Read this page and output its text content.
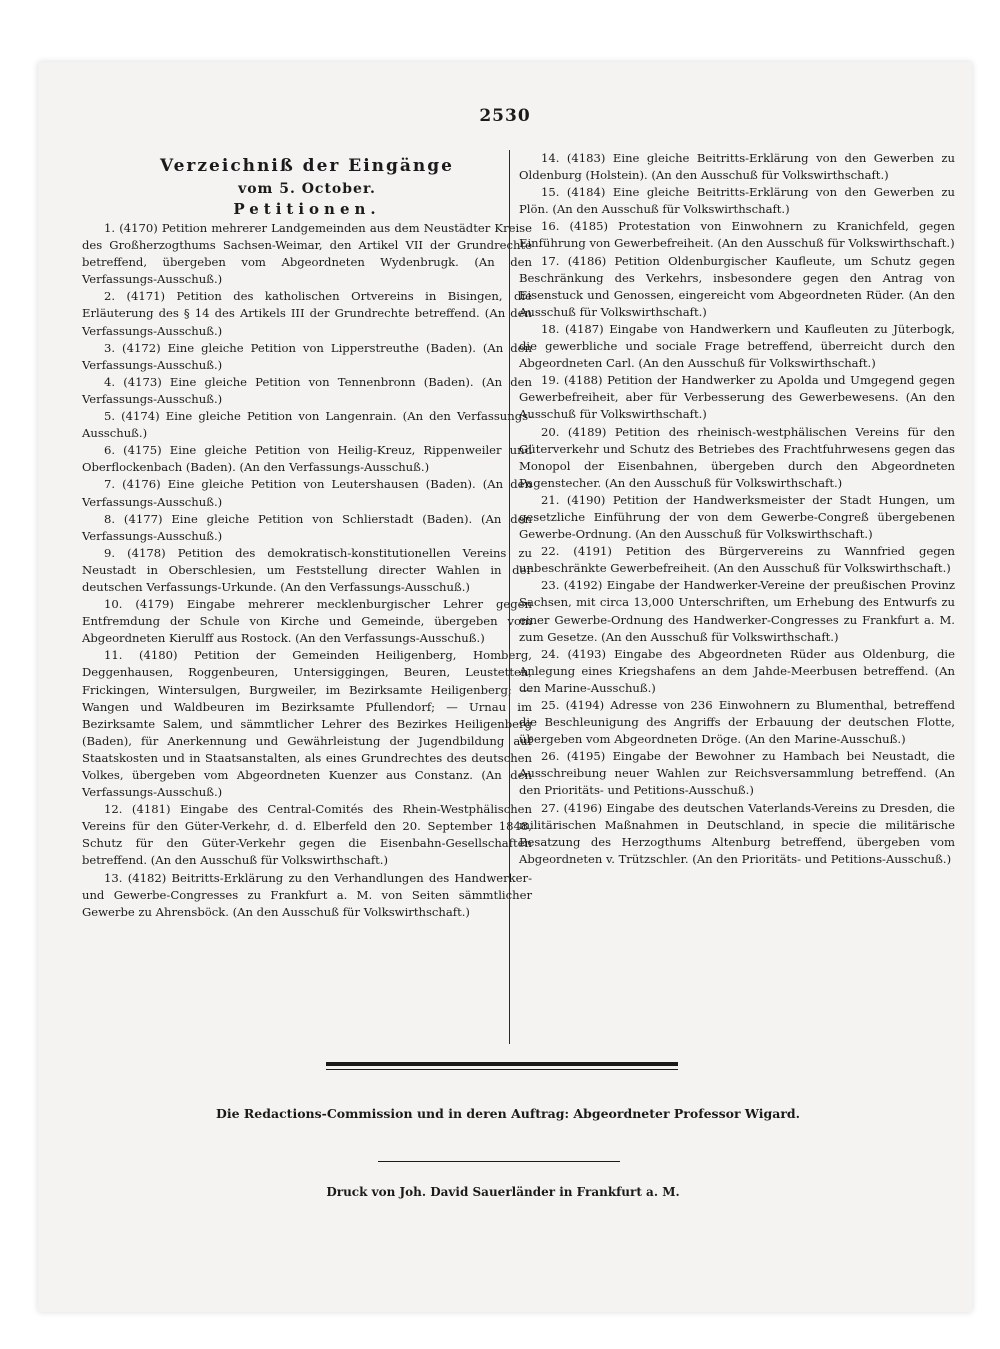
2530
Verzeichniß der Eingänge
vom 5. October.
Petitionen.

1. (4170) Petition mehrerer Landgemeinden aus dem Neustädter Kreise des Großherzogthums Sachsen-Weimar, den Artikel VII der Grundrechte betreffend, übergeben vom Abgeordneten Wydenbrugk. (An den Verfassungs-Ausschuß.)

2. (4171) Petition des katholischen Ortvereins in Bisingen, die Erläuterung des § 14 des Artikels III der Grundrechte betreffend. (An den Verfassungs-Ausschuß.)

3. (4172) Eine gleiche Petition von Lipperstreuthe (Baden). (An den Verfassungs-Ausschuß.)

4. (4173) Eine gleiche Petition von Tennenbronn (Baden). (An den Verfassungs-Ausschuß.)

5. (4174) Eine gleiche Petition von Langenrain. (An den Verfassungs-Ausschuß.)

6. (4175) Eine gleiche Petition von Heilig-Kreuz, Rippenweiler und Oberflockenbach (Baden). (An den Verfassungs-Ausschuß.)

7. (4176) Eine gleiche Petition von Leutershausen (Baden). (An den Verfassungs-Ausschuß.)

8. (4177) Eine gleiche Petition von Schlierstadt (Baden). (An den Verfassungs-Ausschuß.)

9. (4178) Petition des demokratisch-konstitutionellen Vereins zu Neustadt in Oberschlesien, um Feststellung directer Wahlen in der deutschen Verfassungs-Urkunde. (An den Verfassungs-Ausschuß.)

10. (4179) Eingabe mehrerer mecklenburgischer Lehrer gegen Entfremdung der Schule von Kirche und Gemeinde, übergeben vom Abgeordneten Kierulff aus Rostock. (An den Verfassungs-Ausschuß.)

11. (4180) Petition der Gemeinden Heiligenberg, Homberg, Deggenhausen, Roggenbeuren, Untersiggingen, Beuren, Leustetten, Frickingen, Wintersulgen, Burgweiler, im Bezirksamte Heiligenberg; — Wangen und Waldbeuren im Bezirksamte Pfullendorf; — Urnau im Bezirksamte Salem, und sämmtlicher Lehrer des Bezirkes Heiligenberg (Baden), für Anerkennung und Gewährleistung der Jugendbildung auf Staatskosten und in Staatsanstalten, als eines Grundrechtes des deutschen Volkes, übergeben vom Abgeordneten Kuenzer aus Constanz. (An den Verfassungs-Ausschuß.)

12. (4181) Eingabe des Central-Comités des Rhein-Westphälischen Vereins für den Güter-Verkehr, d. d. Elberfeld den 20. September 1848, Schutz für den Güter-Verkehr gegen die Eisenbahn-Gesellschaften betreffend. (An den Ausschuß für Volkswirthschaft.)

13. (4182) Beitritts-Erklärung zu den Verhandlungen des Handwerker- und Gewerbe-Congresses zu Frankfurt a. M. von Seiten sämmtlicher Gewerbe zu Ahrensböck. (An den Ausschuß für Volkswirthschaft.)

14. (4183) Eine gleiche Beitritts-Erklärung von den Gewerben zu Oldenburg (Holstein). (An den Ausschuß für Volkswirthschaft.)

15. (4184) Eine gleiche Beitritts-Erklärung von den Gewerben zu Plön. (An den Ausschuß für Volkswirthschaft.)

16. (4185) Protestation von Einwohnern zu Kranichfeld, gegen Einführung von Gewerbefreiheit. (An den Ausschuß für Volkswirthschaft.)

17. (4186) Petition Oldenburgischer Kaufleute, um Schutz gegen Beschränkung des Verkehrs, insbesondere gegen den Antrag von Eisenstuck und Genossen, eingereicht vom Abgeordneten Rüder. (An den Ausschuß für Volkswirthschaft.)

18. (4187) Eingabe von Handwerkern und Kaufleuten zu Jüterbogk, die gewerbliche und sociale Frage betreffend, überreicht durch den Abgeordneten Carl. (An den Ausschuß für Volkswirthschaft.)

19. (4188) Petition der Handwerker zu Apolda und Umgegend gegen Gewerbefreiheit, aber für Verbesserung des Gewerbewesens. (An den Ausschuß für Volkswirthschaft.)

20. (4189) Petition des rheinisch-westphälischen Vereins für den Güterverkehr und Schutz des Betriebes des Frachtfuhrwesens gegen das Monopol der Eisenbahnen, übergeben durch den Abgeordneten Pagenstecher. (An den Ausschuß für Volkswirthschaft.)

21. (4190) Petition der Handwerksmeister der Stadt Hungen, um gesetzliche Einführung der von dem Gewerbe-Congreß übergebenen Gewerbe-Ordnung. (An den Ausschuß für Volkswirthschaft.)

22. (4191) Petition des Bürgervereins zu Wannfried gegen unbeschränkte Gewerbefreiheit. (An den Ausschuß für Volkswirthschaft.)

23. (4192) Eingabe der Handwerker-Vereine der preußischen Provinz Sachsen, mit circa 13,000 Unterschriften, um Erhebung des Entwurfs zu einer Gewerbe-Ordnung des Handwerker-Congresses zu Frankfurt a. M. zum Gesetze. (An den Ausschuß für Volkswirthschaft.)

24. (4193) Eingabe des Abgeordneten Rüder aus Oldenburg, die Anlegung eines Kriegshafens an dem Jahde-Meerbusen betreffend. (An den Marine-Ausschuß.)

25. (4194) Adresse von 236 Einwohnern zu Blumenthal, betreffend die Beschleunigung des Angriffs der Erbauung der deutschen Flotte, übergeben vom Abgeordneten Dröge. (An den Marine-Ausschuß.)

26. (4195) Eingabe der Bewohner zu Hambach bei Neustadt, die Ausschreibung neuer Wahlen zur Reichsversammlung betreffend. (An den Prioritäts- und Petitions-Ausschuß.)

27. (4196) Eingabe des deutschen Vaterlands-Vereins zu Dresden, die militärischen Maßnahmen in Deutschland, in specie die militärische Besatzung des Herzogthums Altenburg betreffend, übergeben vom Abgeordneten v. Trützschler. (An den Prioritäts- und Petitions-Ausschuß.)

Die Redactions-Commission und in deren Auftrag: Abgeordneter Professor Wigard.
Druck von Joh. David Sauerländer in Frankfurt a. M.
